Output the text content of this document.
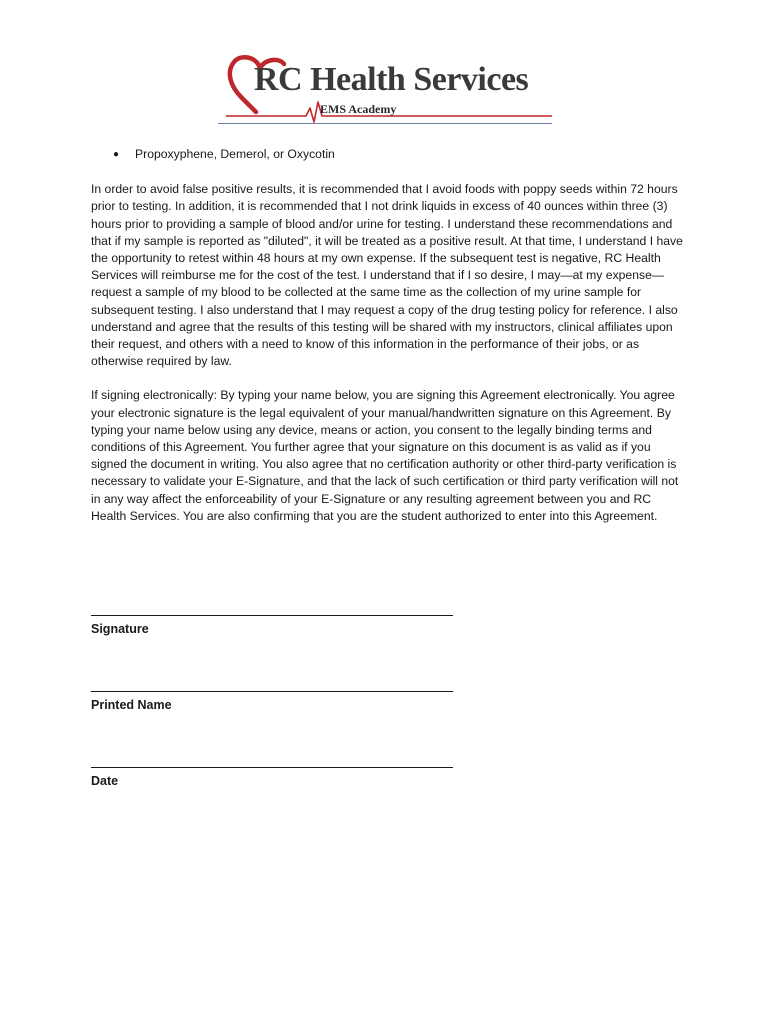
RC Health Services
EMS Academy
● Propoxyphene, Demerol, or Oxycotin

In order to avoid false positive results, it is recommended that I avoid foods with poppy seeds within 72 hours prior to testing. In addition, it is recommended that I not drink liquids in excess of 40 ounces within three (3) hours prior to providing a sample of blood and/or urine for testing. I understand these recommendations and that if my sample is reported as "diluted", it will be treated as a positive result. At that time, I understand I have the opportunity to retest within 48 hours at my own expense. If the subsequent test is negative, RC Health Services will reimburse me for the cost of the test. I understand that if I so desire, I may—at my expense—request a sample of my blood to be collected at the same time as the collection of my urine sample for subsequent testing. I also understand that I may request a copy of the drug testing policy for reference. I also understand and agree that the results of this testing will be shared with my instructors, clinical affiliates upon their request, and others with a need to know of this information in the performance of their jobs, or as otherwise required by law.

If signing electronically: By typing your name below, you are signing this Agreement electronically. You agree your electronic signature is the legal equivalent of your manual/handwritten signature on this Agreement. By typing your name below using any device, means or action, you consent to the legally binding terms and conditions of this Agreement. You further agree that your signature on this document is as valid as if you signed the document in writing. You also agree that no certification authority or other third-party verification is necessary to validate your E-Signature, and that the lack of such certification or third party verification will not in any way affect the enforceability of your E-Signature or any resulting agreement between you and RC Health Services. You are also confirming that you are the student authorized to enter into this Agreement.

Signature
Printed Name
Date
